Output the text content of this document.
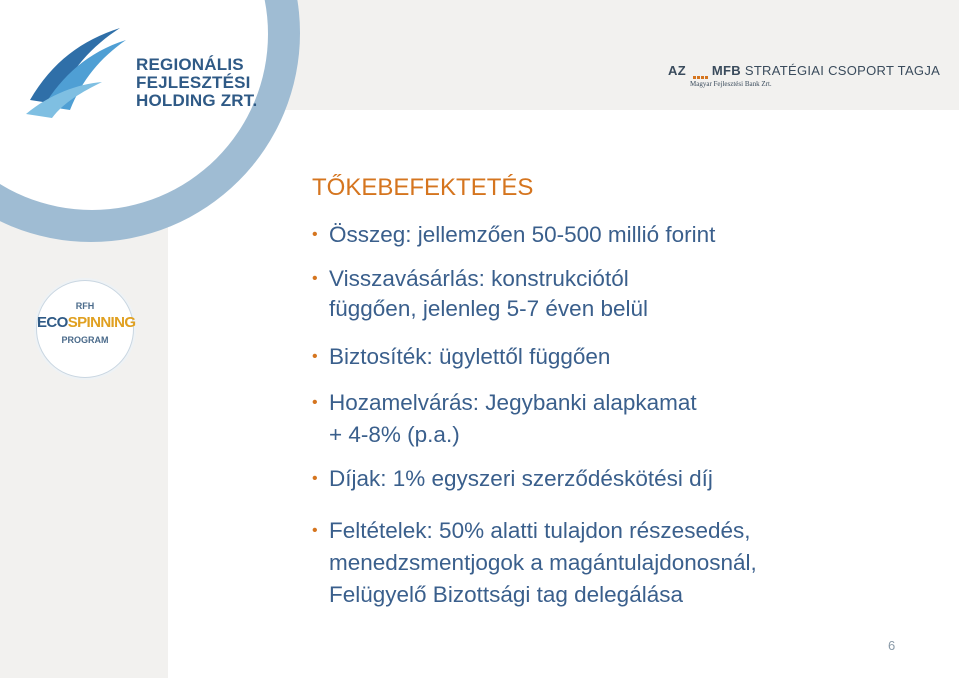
REGIONÁLIS
FEJLESZTÉSI
HOLDING ZRT.
AZ MFB STRATÉGIAI CSOPORT TAGJA
Magyar Fejlesztési Bank Zrt.
RFH
ECOSPINNING
PROGRAM
TŐKEBEFEKTETÉS
• Összeg: jellemzően 50-500 millió forint
• Visszavásárlás: konstrukciótól
függően, jelenleg 5-7 éven belül
• Biztosíték: ügylettől függően
• Hozamelvárás: Jegybanki alapkamat
+ 4-8% (p.a.)
• Díjak: 1% egyszeri szerződéskötési díj
• Feltételek: 50% alatti tulajdon részesedés,
menedzsmentjogok a magántulajdonosnál,
Felügyelő Bizottsági tag delegálása
6
